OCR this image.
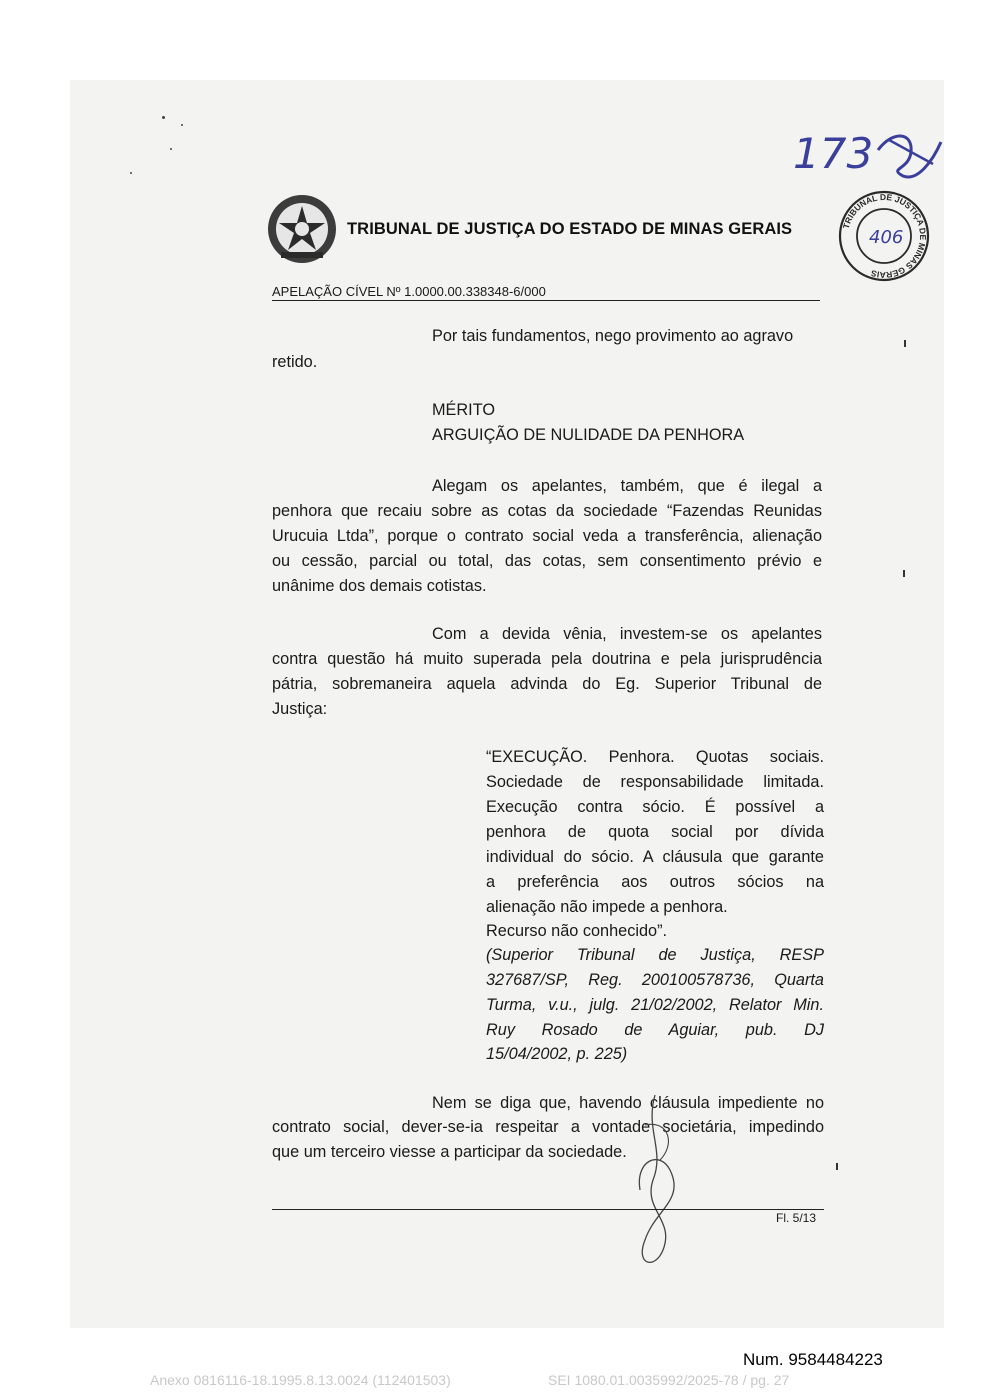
TRIBUNAL DE JUSTIÇA DO ESTADO DE MINAS GERAIS
173
TRIBUNAL DE JUSTIÇA DE MINAS GERAIS
406
APELAÇÃO CÍVEL Nº 1.0000.00.338348-6/000
Por tais fundamentos, nego provimento ao agravo
retido.
MÉRITO
ARGUIÇÃO DE NULIDADE DA PENHORA
Alegam os apelantes, também, que é ilegal a
penhora que recaiu sobre as cotas da sociedade “Fazendas Reunidas
Urucuia Ltda”, porque o contrato social veda a transferência, alienação
ou cessão, parcial ou total, das cotas, sem consentimento prévio e
unânime dos demais cotistas.
Com a devida vênia, investem-se os apelantes
contra questão há muito superada pela doutrina e pela jurisprudência
pátria, sobremaneira aquela advinda do Eg. Superior Tribunal de
Justiça:
“EXECUÇÃO. Penhora. Quotas sociais.
Sociedade de responsabilidade limitada.
Execução contra sócio. É possível a
penhora de quota social por dívida
individual do sócio. A cláusula que garante
a preferência aos outros sócios na
alienação não impede a penhora.
Recurso não conhecido”.
(Superior Tribunal de Justiça, RESP
327687/SP, Reg. 200100578736, Quarta
Turma, v.u., julg. 21/02/2002, Relator Min.
Ruy Rosado de Aguiar, pub. DJ
15/04/2002, p. 225)
Nem se diga que, havendo cláusula impediente no
contrato social, dever-se-ia respeitar a vontade societária, impedindo
que um terceiro viesse a participar da sociedade.
Fl. 5/13
Num. 9584484223
Anexo 0816116-18.1995.8.13.0024 (112401503)	SEI 1080.01.0035992/2025-78 / pg. 27
